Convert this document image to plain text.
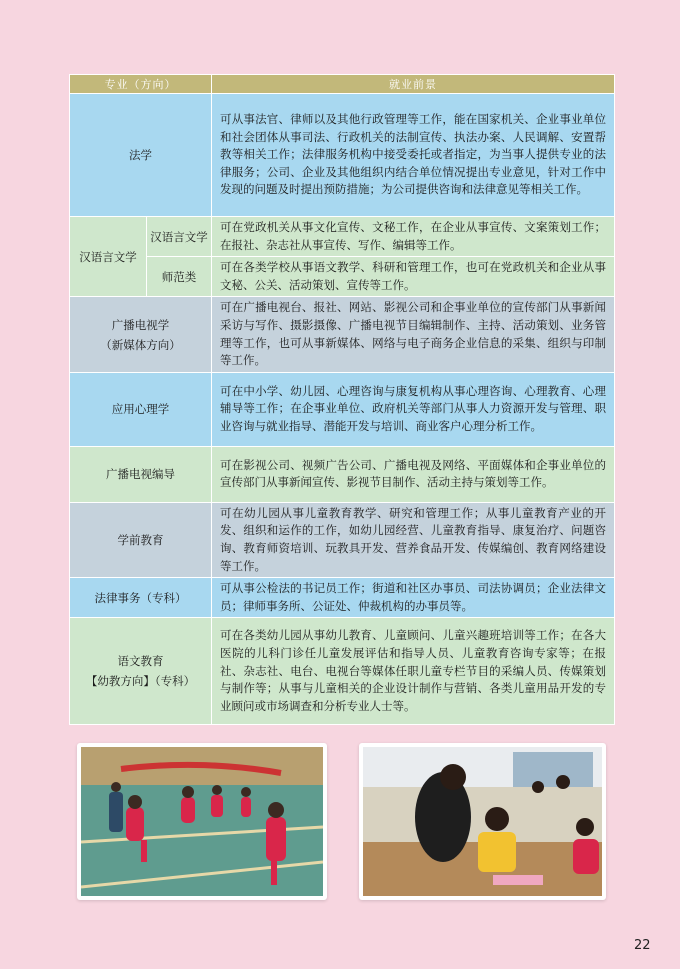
专业（方向）		就业前景
法学		可从事法官、律师以及其他行政管理等工作，能在国家机关、企业事业单位和社会团体从事司法、行政机关的法制宣传、执法办案、人民调解、安置帮教等相关工作；法律服务机构中接受委托或者指定，为当事人提供专业的法律服务；公司、企业及其他组织内结合单位情况提出专业意见，针对工作中发现的问题及时提出预防措施；为公司提供咨询和法律意见等相关工作。
汉语言文学	汉语言文学	可在党政机关从事文化宣传、文秘工作，在企业从事宣传、文案策划工作；在报社、杂志社从事宣传、写作、编辑等工作。
	师范类	可在各类学校从事语文教学、科研和管理工作，也可在党政机关和企业从事文秘、公关、活动策划、宣传等工作。

广播电视学
（新媒体方向）		可在广播电视台、报社、网站、影视公司和企事业单位的宣传部门从事新闻采访与写作、摄影摄像、广播电视节目编辑制作、主持、活动策划、业务管理等工作，也可从事新媒体、网络与电子商务企业信息的采集、组织与印制等工作。
应用心理学		可在中小学、幼儿园、心理咨询与康复机构从事心理咨询、心理教育、心理辅导等工作；在企事业单位、政府机关等部门从事人力资源开发与管理、职业咨询与就业指导、潜能开发与培训、商业客户心理分析工作。
广播电视编导		可在影视公司、视频广告公司、广播电视及网络、平面媒体和企事业单位的宣传部门从事新闻宣传、影视节目制作、活动主持与策划等工作。
学前教育		可在幼儿园从事儿童教育教学、研究和管理工作；从事儿童教育产业的开发、组织和运作的工作，如幼儿园经营、儿童教育指导、康复治疗、问题咨询、教育师资培训、玩教具开发、营养食品开发、传媒编创、教育网络建设等工作。
法律事务（专科）		可从事公检法的书记员工作；街道和社区办事员、司法协调员；企业法律文员；律师事务所、公证处、仲裁机构的办事员等。

语文教育
【幼教方向】（专科）		可在各类幼儿园从事幼儿教育、儿童顾问、儿童兴趣班培训等工作；在各大医院的儿科门诊任儿童发展评估和指导人员、儿童教育咨询专家等；在报社、杂志社、电台、电视台等媒体任职儿童专栏节目的采编人员、传媒策划与制作等；从事与儿童相关的企业设计制作与营销、各类儿童用品开发的专业顾问或市场调查和分析专业人士等。
22
